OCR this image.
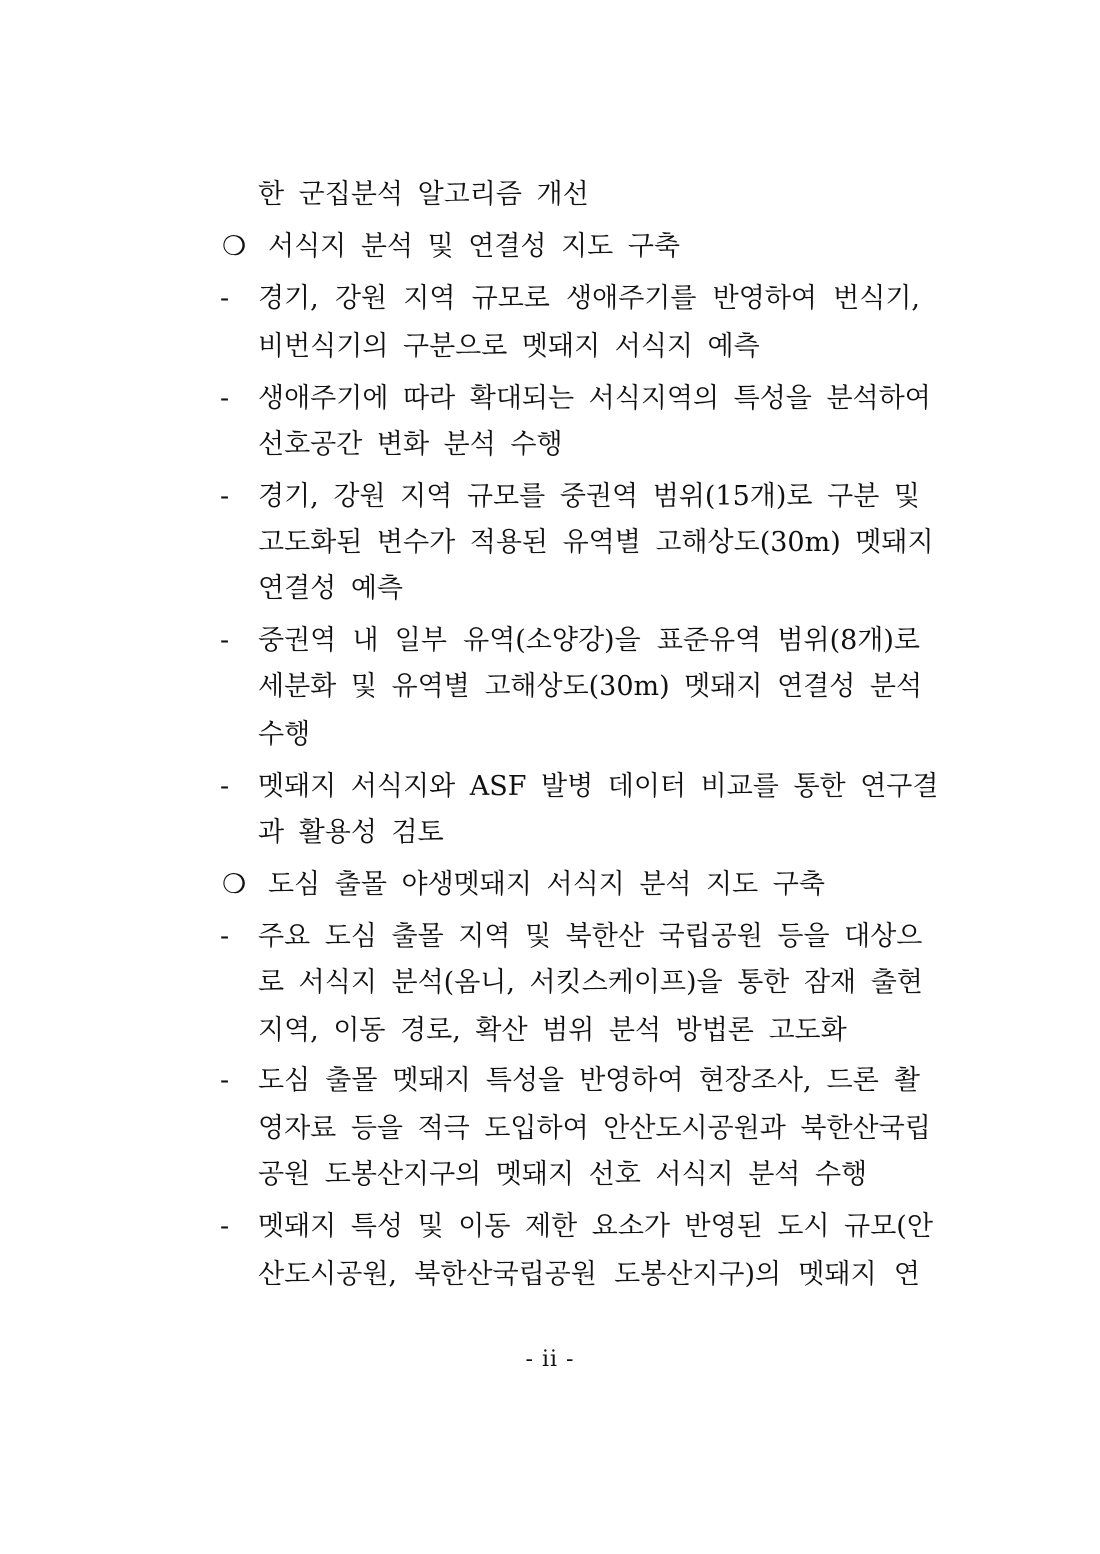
한 군집분석 알고리즘 개선
❍ 서식지 분석 및 연결성 지도 구축
-	경기, 강원 지역 규모로 생애주기를 반영하여 번식기,
비번식기의 구분으로 멧돼지 서식지 예측
-	생애주기에 따라 확대되는 서식지역의 특성을 분석하여
선호공간 변화 분석 수행
-	경기, 강원 지역 규모를 중권역 범위(15개)로 구분 및
고도화된 변수가 적용된 유역별 고해상도(30m) 멧돼지
연결성 예측
-	중권역 내 일부 유역(소양강)을 표준유역 범위(8개)로
세분화 및 유역별 고해상도(30m) 멧돼지 연결성 분석
수행
-	멧돼지 서식지와 ASF 발병 데이터 비교를 통한 연구결
과 활용성 검토
❍ 도심 출몰 야생멧돼지 서식지 분석 지도 구축
-	주요 도심 출몰 지역 및 북한산 국립공원 등을 대상으
로 서식지 분석(옴니, 서킷스케이프)을 통한 잠재 출현
지역, 이동 경로, 확산 범위 분석 방법론 고도화
-	도심 출몰 멧돼지 특성을 반영하여 현장조사, 드론 촬
영자료 등을 적극 도입하여 안산도시공원과 북한산국립
공원 도봉산지구의 멧돼지 선호 서식지 분석 수행
-	멧돼지 특성 및 이동 제한 요소가 반영된 도시 규모(안
산도시공원, 북한산국립공원 도봉산지구)의 멧돼지 연
- ii -
